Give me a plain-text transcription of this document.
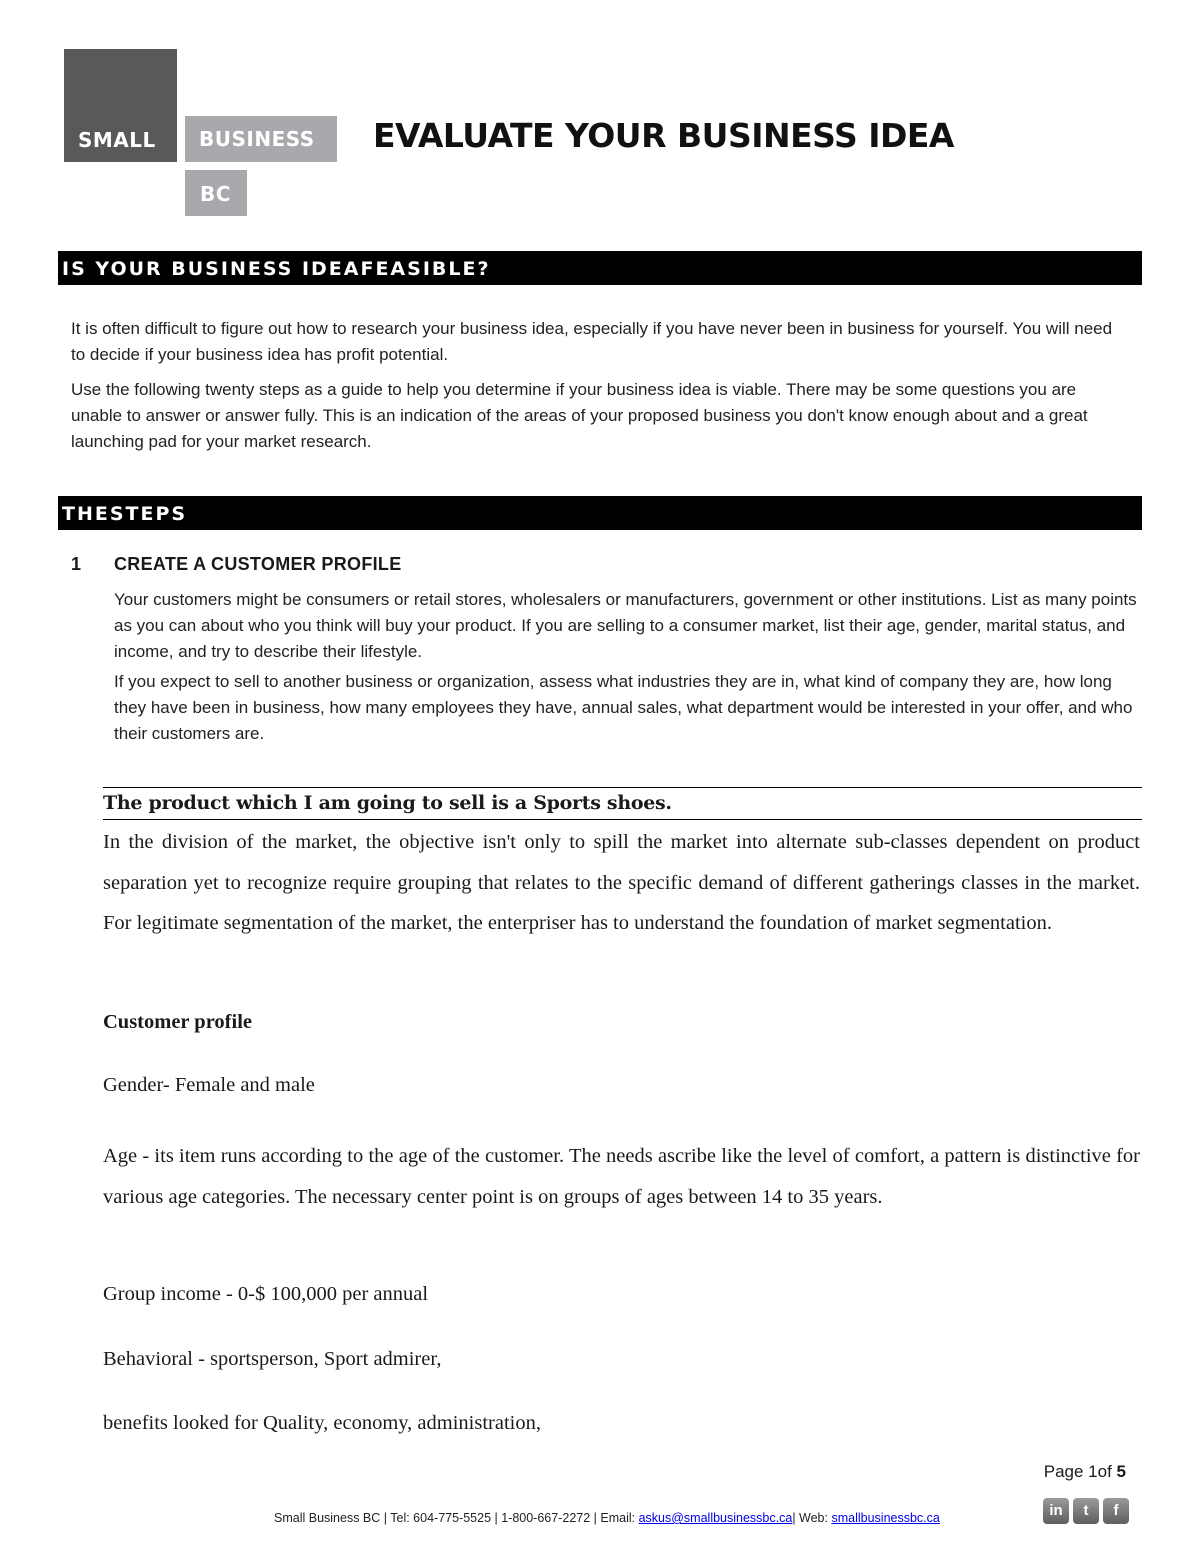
SMALL BUSINESS
BC
EVALUATE YOUR BUSINESS IDEA
IS YOUR BUSINESS IDEAFEASIBLE?

It is often difficult to figure out how to research your business idea, especially if you have never been in business for yourself. You will need to decide if your business idea has profit potential.

Use the following twenty steps as a guide to help you determine if your business idea is viable. There may be some questions you are unable to answer or answer fully. This is an indication of the areas of your proposed business you don't know enough about and a great launching pad for your market research.

THESTEPS
1 CREATE A CUSTOMER PROFILE

Your customers might be consumers or retail stores, wholesalers or manufacturers, government or other institutions. List as many points as you can about who you think will buy your product. If you are selling to a consumer market, list their age, gender, marital status, and income, and try to describe their lifestyle.

If you expect to sell to another business or organization, assess what industries they are in, what kind of company they are, how long they have been in business, how many employees they have, annual sales, what department would be interested in your offer, and who their customers are.

The product which I am going to sell is a Sports shoes.
In the division of the market, the objective isn't only to spill the market into alternate sub-classes dependent on product separation yet to recognize require grouping that relates to the specific demand of different gatherings classes in the market. For legitimate segmentation of the market, the enterpriser has to understand the foundation of market segmentation.
Customer profile
Gender- Female and male
Age - its item runs according to the age of the customer. The needs ascribe like the level of comfort, a pattern is distinctive for various age categories. The necessary center point is on groups of ages between 14 to 35 years.
Group income - 0-$ 100,000 per annual
Behavioral - sportsperson, Sport admirer,
benefits looked for Quality, economy, administration,
Page 1of 5
Small Business BC | Tel: 604-775-5525 | 1-800-667-2272 | Email: askus@smallbusinessbc.ca| Web: smallbusinessbc.ca	in	t	f
